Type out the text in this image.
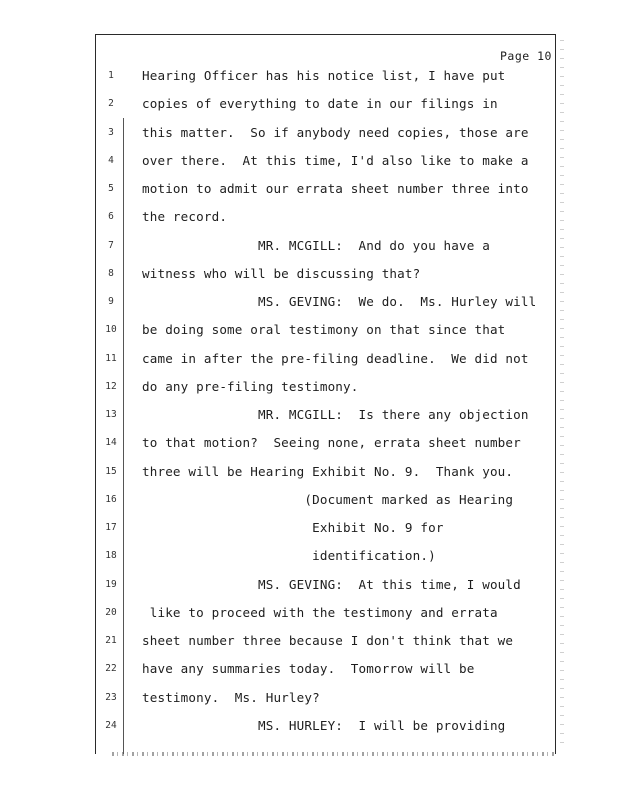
Page 10
1	Hearing Officer has his notice list, I have put
2	copies of everything to date in our filings in
3	this matter.  So if anybody need copies, those are
4	over there.  At this time, I'd also like to make a
5	motion to admit our errata sheet number three into
6	the record.
7	MR. MCGILL:  And do you have a
8	witness who will be discussing that?
9	MS. GEVING:  We do.  Ms. Hurley will
10 be doing some oral testimony on that since that
11 came in after the pre-filing deadline.  We did not
12 do any pre-filing testimony.
13 MR. MCGILL:  Is there any objection
14 to that motion?  Seeing none, errata sheet number
15 three will be Hearing Exhibit No. 9.  Thank you.
16 (Document marked as Hearing
17 Exhibit No. 9 for
18 identification.)
19 MS. GEVING:  At this time, I would
20 like to proceed with the testimony and errata
21 sheet number three because I don't think that we
22 have any summaries today.  Tomorrow will be
23 testimony.  Ms. Hurley?
24 MS. HURLEY:  I will be providing
